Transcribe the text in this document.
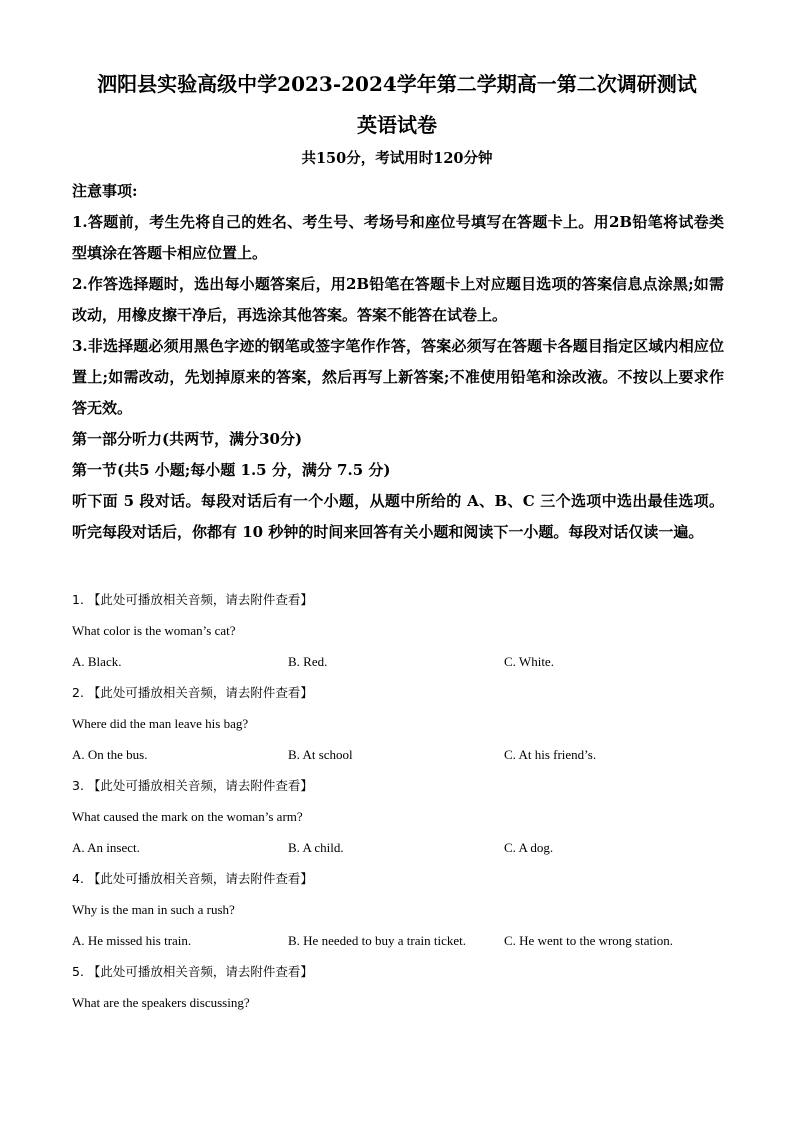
泗阳县实验高级中学2023-2024学年第二学期高一第二次调研测试
英语试卷
共150分，考试用时120分钟

注意事项:

1.答题前，考生先将自己的姓名、考生号、考场号和座位号填写在答题卡上。用2B铅笔将试卷类型填涂在答题卡相应位置上。

2.作答选择题时，选出每小题答案后，用2B铅笔在答题卡上对应题目选项的答案信息点涂黑;如需改动，用橡皮擦干净后，再选涂其他答案。答案不能答在试卷上。

3.非选择题必须用黑色字迹的钢笔或签字笔作作答，答案必须写在答题卡各题目指定区域内相应位置上;如需改动，先划掉原来的答案，然后再写上新答案;不准使用铅笔和涂改液。不按以上要求作答无效。

第一部分听力(共两节，满分30分)

第一节(共5 小题;每小题 1.5 分，满分 7.5 分)

听下面 5 段对话。每段对话后有一个小题，从题中所给的 A、B、C 三个选项中选出最佳选项。听完每段对话后，你都有 10 秒钟的时间来回答有关小题和阅读下一小题。每段对话仅读一遍。

1. 【此处可播放相关音频，请去附件查看】
What color is the woman’s cat?
A. Black.	B. Red.	C. White.
2. 【此处可播放相关音频，请去附件查看】
Where did the man leave his bag?
A. On the bus.	B. At school	C. At his friend’s.
3. 【此处可播放相关音频，请去附件查看】
What caused the mark on the woman’s arm?
A. An insect.	B. A child.	C. A dog.
4. 【此处可播放相关音频，请去附件查看】
Why is the man in such a rush?
A. He missed his train.	B. He needed to buy a train ticket.	C. He went to the wrong station.
5. 【此处可播放相关音频，请去附件查看】
What are the speakers discussing?
